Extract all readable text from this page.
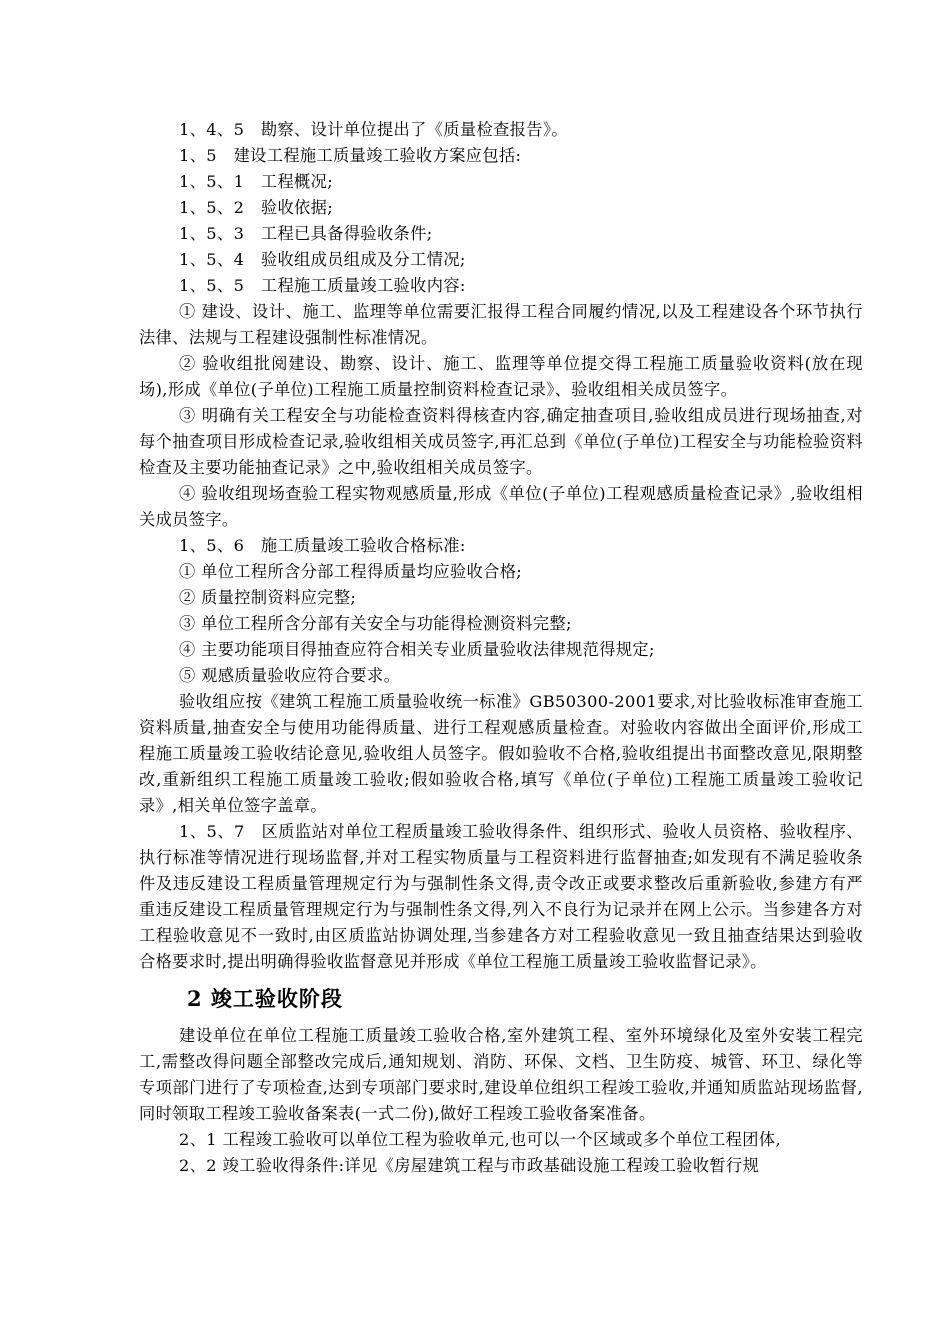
1、4、5　勘察、设计单位提出了《质量检查报告》。

1、5　建设工程施工质量竣工验收方案应包括:

1、5、1　工程概况;

1、5、2　验收依据;

1、5、3　工程已具备得验收条件;

1、5、4　验收组成员组成及分工情况;

1、5、5　工程施工质量竣工验收内容:

① 建设、设计、施工、监理等单位需要汇报得工程合同履约情况,以及工程建设各个环节执行法律、法规与工程建设强制性标准情况。

② 验收组批阅建设、勘察、设计、施工、监理等单位提交得工程施工质量验收资料(放在现场),形成《单位(子单位)工程施工质量控制资料检查记录》、验收组相关成员签字。

③ 明确有关工程安全与功能检查资料得核查内容,确定抽查项目,验收组成员进行现场抽查,对每个抽查项目形成检查记录,验收组相关成员签字,再汇总到《单位(子单位)工程安全与功能检验资料检查及主要功能抽查记录》之中,验收组相关成员签字。

④ 验收组现场查验工程实物观感质量,形成《单位(子单位)工程观感质量检查记录》,验收组相关成员签字。

1、5、6　施工质量竣工验收合格标准:

① 单位工程所含分部工程得质量均应验收合格;

② 质量控制资料应完整;

③ 单位工程所含分部有关安全与功能得检测资料完整;

④ 主要功能项目得抽查应符合相关专业质量验收法律规范得规定;

⑤ 观感质量验收应符合要求。

验收组应按《建筑工程施工质量验收统一标准》GB50300-2001要求,对比验收标准审查施工资料质量,抽查安全与使用功能得质量、进行工程观感质量检查。对验收内容做出全面评价,形成工程施工质量竣工验收结论意见,验收组人员签字。假如验收不合格,验收组提出书面整改意见,限期整改,重新组织工程施工质量竣工验收;假如验收合格,填写《单位(子单位)工程施工质量竣工验收记录》,相关单位签字盖章。

1、5、7　区质监站对单位工程质量竣工验收得条件、组织形式、验收人员资格、验收程序、执行标准等情况进行现场监督,并对工程实物质量与工程资料进行监督抽查;如发现有不满足验收条件及违反建设工程质量管理规定行为与强制性条文得,责令改正或要求整改后重新验收,参建方有严重违反建设工程质量管理规定行为与强制性条文得,列入不良行为记录并在网上公示。当参建各方对工程验收意见不一致时,由区质监站协调处理,当参建各方对工程验收意见一致且抽查结果达到验收合格要求时,提出明确得验收监督意见并形成《单位工程施工质量竣工验收监督记录》。

2 竣工验收阶段

建设单位在单位工程施工质量竣工验收合格,室外建筑工程、室外环境绿化及室外安装工程完工,需整改得问题全部整改完成后,通知规划、消防、环保、文档、卫生防疫、城管、环卫、绿化等专项部门进行了专项检查,达到专项部门要求时,建设单位组织工程竣工验收,并通知质监站现场监督,同时领取工程竣工验收备案表(一式二份),做好工程竣工验收备案准备。

2、1 工程竣工验收可以单位工程为验收单元,也可以一个区域或多个单位工程团体,

2、2 竣工验收得条件:详见《房屋建筑工程与市政基础设施工程竣工验收暂行规
